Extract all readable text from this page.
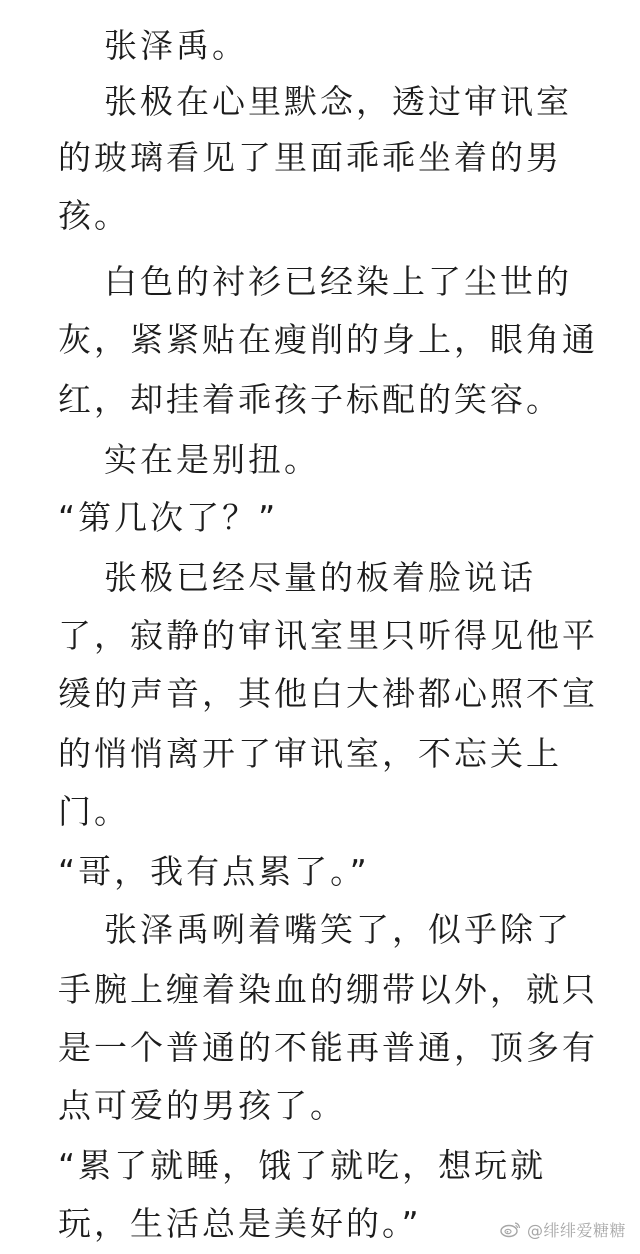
张泽禹。
张极在心里默念，透过审讯室
的玻璃看见了里面乖乖坐着的男
孩。
白色的衬衫已经染上了尘世的
灰，紧紧贴在瘦削的身上，眼角通
红，却挂着乖孩子标配的笑容。
实在是别扭。
“第几次了？”
张极已经尽量的板着脸说话
了，寂静的审讯室里只听得见他平
缓的声音，其他白大褂都心照不宣
的悄悄离开了审讯室，不忘关上
门。
“哥，我有点累了。”
张泽禹咧着嘴笑了，似乎除了
手腕上缠着染血的绷带以外，就只
是一个普通的不能再普通，顶多有
点可爱的男孩了。
“累了就睡，饿了就吃，想玩就
玩，生活总是美好的。”	@绯绯爱糖糖
